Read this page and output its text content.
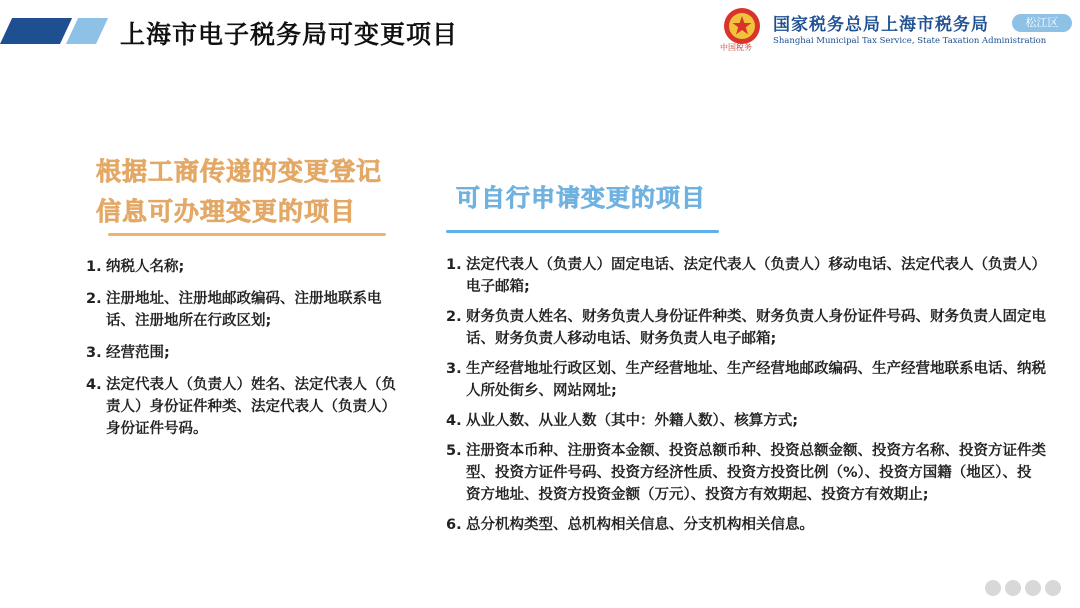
上海市电子税务局可变更项目	中国税务
国家税务总局上海市税务局
Shanghai Municipal Tax Service, State Taxation Administration
松江区
根据工商传递的变更登记
信息可办理变更的项目	可自行申请变更的项目
1. 纳税人名称;
2. 注册地址、注册地邮政编码、注册地联系电话、注册地所在行政区划;
3. 经营范围;
4. 法定代表人（负责人）姓名、法定代表人（负责人）身份证件种类、法定代表人（负责人）身份证件号码。
1. 法定代表人（负责人）固定电话、法定代表人（负责人）移动电话、法定代表人（负责人）电子邮箱;
2. 财务负责人姓名、财务负责人身份证件种类、财务负责人身份证件号码、财务负责人固定电话、财务负责人移动电话、财务负责人电子邮箱;
3. 生产经营地址行政区划、生产经营地址、生产经营地邮政编码、生产经营地联系电话、纳税人所处街乡、网站网址;
4. 从业人数、从业人数（其中：外籍人数）、核算方式;
5. 注册资本币种、注册资本金额、投资总额币种、投资总额金额、投资方名称、投资方证件类型、投资方证件号码、投资方经济性质、投资方投资比例（%）、投资方国籍（地区）、投资方地址、投资方投资金额（万元）、投资方有效期起、投资方有效期止;
6. 总分机构类型、总机构相关信息、分支机构相关信息。
